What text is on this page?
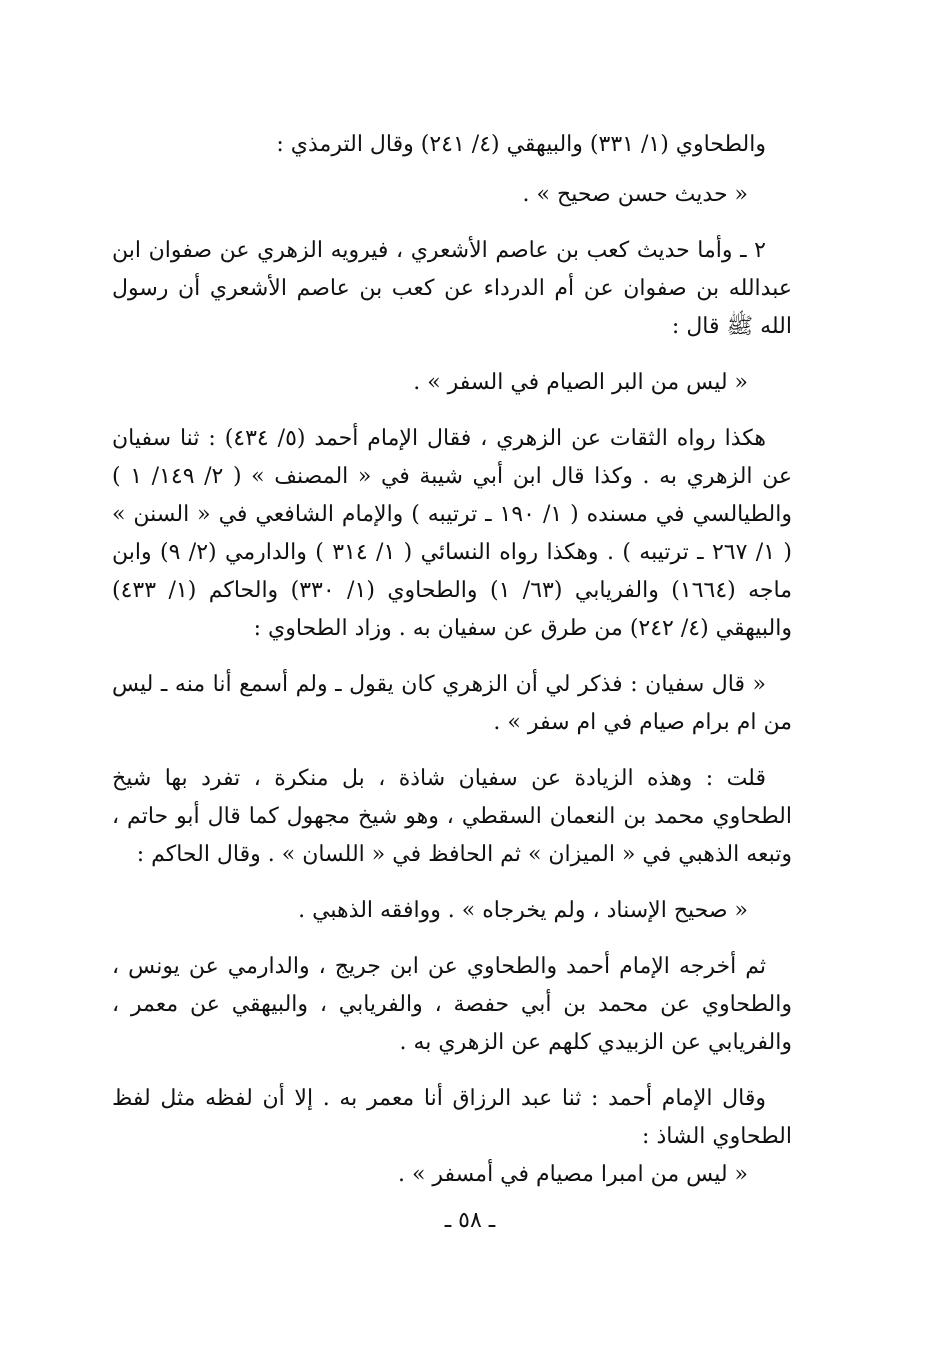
والطحاوي (١/ ٣٣١) والبيهقي (٤/ ٢٤١) وقال الترمذي :

« حديث حسن صحيح » .

٢ ـ وأما حديث كعب بن عاصم الأشعري ، فيرويه الزهري عن صفوان ابن عبدالله بن صفوان عن أم الدرداء عن كعب بن عاصم الأشعري أن رسول الله ﷺ قال :

« ليس من البر الصيام في السفر » .

هكذا رواه الثقات عن الزهري ، فقال الإمام أحمد (٥/ ٤٣٤) : ثنا سفيان عن الزهري به . وكذا قال ابن أبي شيبة في « المصنف » ( ٢/ ١٤٩/ ١ ) والطيالسي في مسنده ( ١/ ١٩٠ ـ ترتيبه ) والإمام الشافعي في « السنن » ( ١/ ٢٦٧ ـ ترتيبه ) . وهكذا رواه النسائي ( ١/ ٣١٤ ) والدارمي (٢/ ٩) وابن ماجه (١٦٦٤) والفريابي (٦٣/ ١) والطحاوي (١/ ٣٣٠) والحاكم (١/ ٤٣٣) والبيهقي (٤/ ٢٤٢) من طرق عن سفيان به . وزاد الطحاوي :

« قال سفيان : فذكر لي أن الزهري كان يقول ـ ولم أسمع أنا منه ـ ليس من ام برام صيام في ام سفر » .

قلت : وهذه الزيادة عن سفيان شاذة ، بل منكرة ، تفرد بها شيخ الطحاوي محمد بن النعمان السقطي ، وهو شيخ مجهول كما قال أبو حاتم ، وتبعه الذهبي في « الميزان » ثم الحافظ في « اللسان » . وقال الحاكم :

« صحيح الإسناد ، ولم يخرجاه » . ووافقه الذهبي .

ثم أخرجه الإمام أحمد والطحاوي عن ابن جريج ، والدارمي عن يونس ، والطحاوي عن محمد بن أبي حفصة ، والفريابي ، والبيهقي عن معمر ، والفريابي عن الزبيدي كلهم عن الزهري به .

وقال الإمام أحمد : ثنا عبد الرزاق أنا معمر به . إلا أن لفظه مثل لفظ الطحاوي الشاذ :

« ليس من امبرا مصيام في أمسفر » .

ـ ٥٨ ـ
